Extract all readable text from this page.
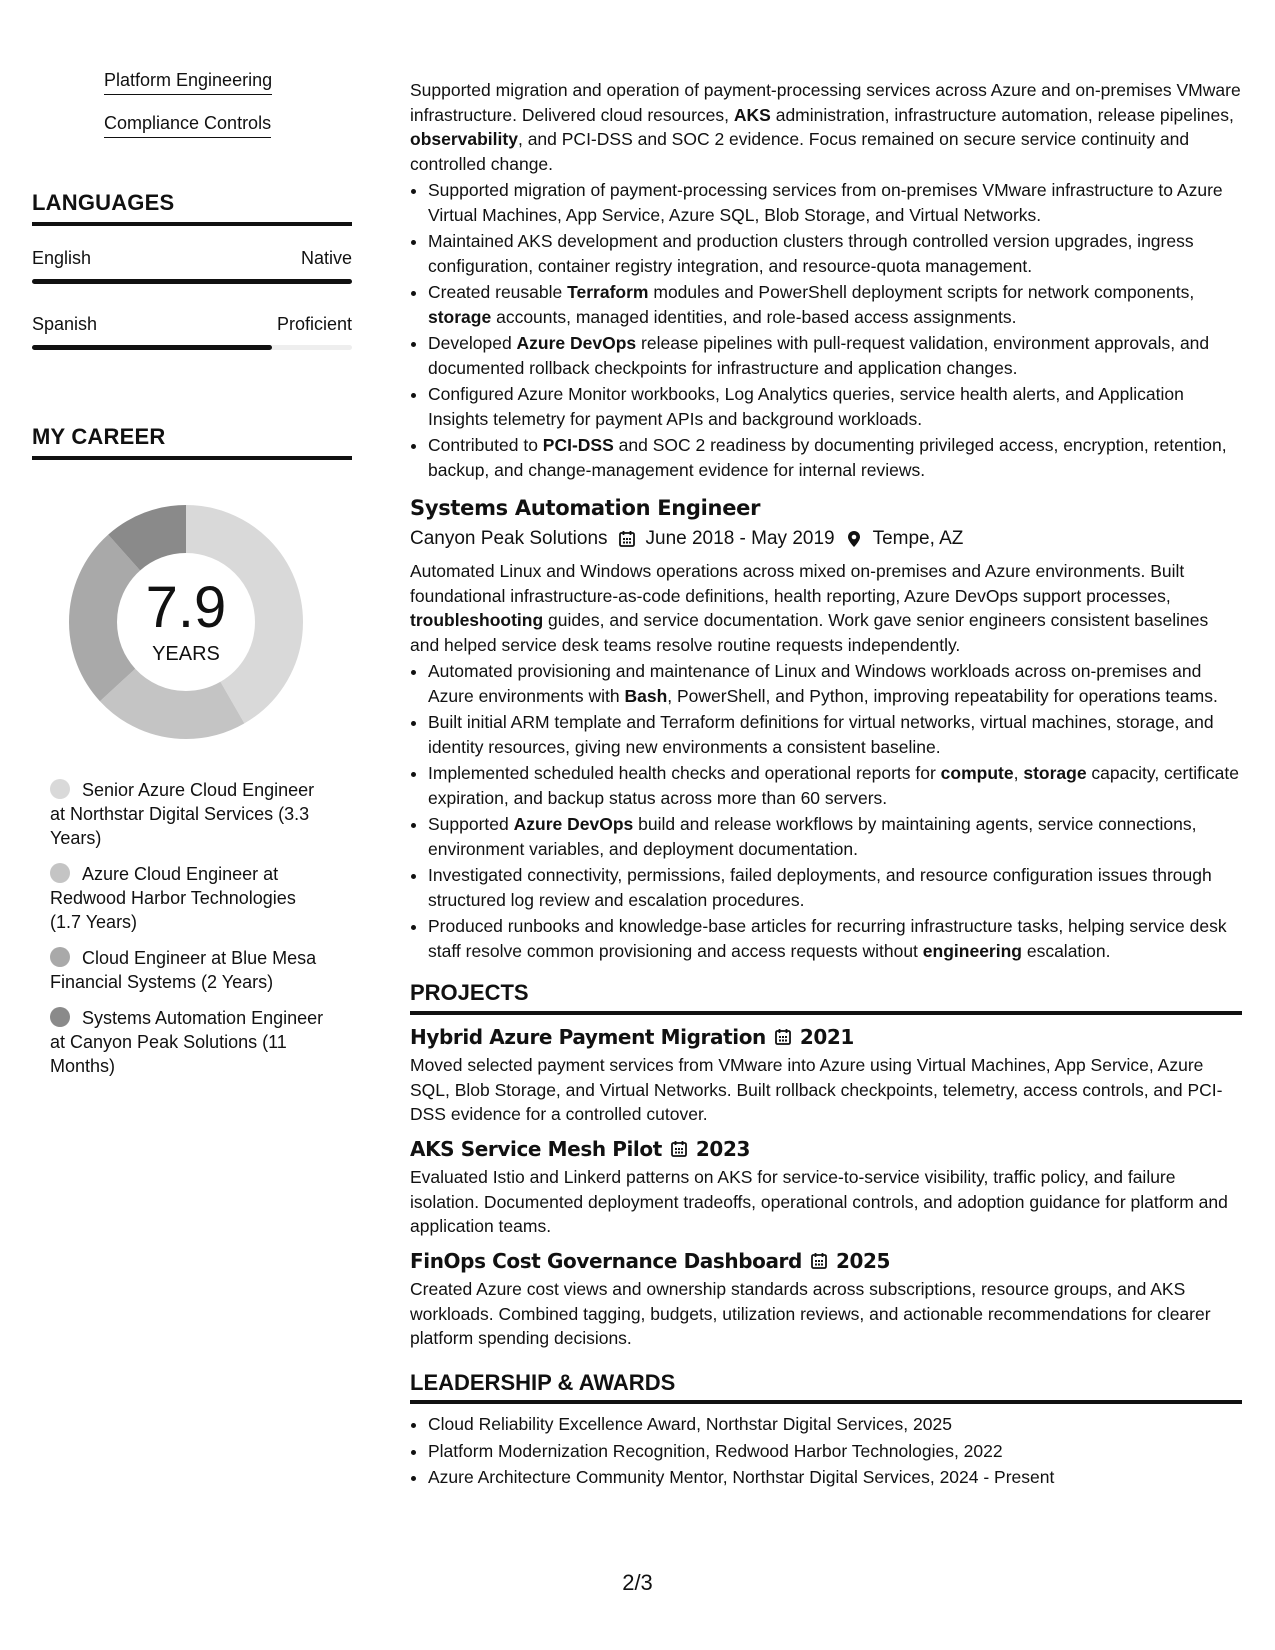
Platform Engineering
Compliance Controls
LANGUAGES
English	Native
Spanish	Proficient
MY CAREER
7.9
YEARS
Senior Azure Cloud Engineer at Northstar Digital Services (3.3 Years)
Azure Cloud Engineer at Redwood Harbor Technologies (1.7 Years)
Cloud Engineer at Blue Mesa Financial Systems (2 Years)
Systems Automation Engineer at Canyon Peak Solutions (11 Months)

Supported migration and operation of payment-processing services across Azure and on-premises VMware infrastructure. Delivered cloud resources, AKS administration, infrastructure automation, release pipelines, observability, and PCI-DSS and SOC 2 evidence. Focus remained on secure service continuity and controlled change.

• Supported migration of payment-processing services from on-premises VMware infrastructure to Azure Virtual Machines, App Service, Azure SQL, Blob Storage, and Virtual Networks.
• Maintained AKS development and production clusters through controlled version upgrades, ingress configuration, container registry integration, and resource-quota management.
• Created reusable Terraform modules and PowerShell deployment scripts for network components, storage accounts, managed identities, and role-based access assignments.
• Developed Azure DevOps release pipelines with pull-request validation, environment approvals, and documented rollback checkpoints for infrastructure and application changes.
• Configured Azure Monitor workbooks, Log Analytics queries, service health alerts, and Application Insights telemetry for payment APIs and background workloads.
• Contributed to PCI-DSS and SOC 2 readiness by documenting privileged access, encryption, retention, backup, and change-management evidence for internal reviews.
Systems Automation Engineer
Canyon Peak Solutions June 2018 - May 2019 Tempe, AZ

Automated Linux and Windows operations across mixed on-premises and Azure environments. Built foundational infrastructure-as-code definitions, health reporting, Azure DevOps support processes, troubleshooting guides, and service documentation. Work gave senior engineers consistent baselines and helped service desk teams resolve routine requests independently.

• Automated provisioning and maintenance of Linux and Windows workloads across on-premises and Azure environments with Bash, PowerShell, and Python, improving repeatability for operations teams.
• Built initial ARM template and Terraform definitions for virtual networks, virtual machines, storage, and identity resources, giving new environments a consistent baseline.
• Implemented scheduled health checks and operational reports for compute, storage capacity, certificate expiration, and backup status across more than 60 servers.
• Supported Azure DevOps build and release workflows by maintaining agents, service connections, environment variables, and deployment documentation.
• Investigated connectivity, permissions, failed deployments, and resource configuration issues through structured log review and escalation procedures.
• Produced runbooks and knowledge-base articles for recurring infrastructure tasks, helping service desk staff resolve common provisioning and access requests without engineering escalation.
PROJECTS
Hybrid Azure Payment Migration 2021

Moved selected payment services from VMware into Azure using Virtual Machines, App Service, Azure SQL, Blob Storage, and Virtual Networks. Built rollback checkpoints, telemetry, access controls, and PCI-DSS evidence for a controlled cutover.

AKS Service Mesh Pilot 2023

Evaluated Istio and Linkerd patterns on AKS for service-to-service visibility, traffic policy, and failure isolation. Documented deployment tradeoffs, operational controls, and adoption guidance for platform and application teams.

FinOps Cost Governance Dashboard 2025

Created Azure cost views and ownership standards across subscriptions, resource groups, and AKS workloads. Combined tagging, budgets, utilization reviews, and actionable recommendations for clearer platform spending decisions.

LEADERSHIP & AWARDS
• Cloud Reliability Excellence Award, Northstar Digital Services, 2025
• Platform Modernization Recognition, Redwood Harbor Technologies, 2022
• Azure Architecture Community Mentor, Northstar Digital Services, 2024 - Present
2/3
